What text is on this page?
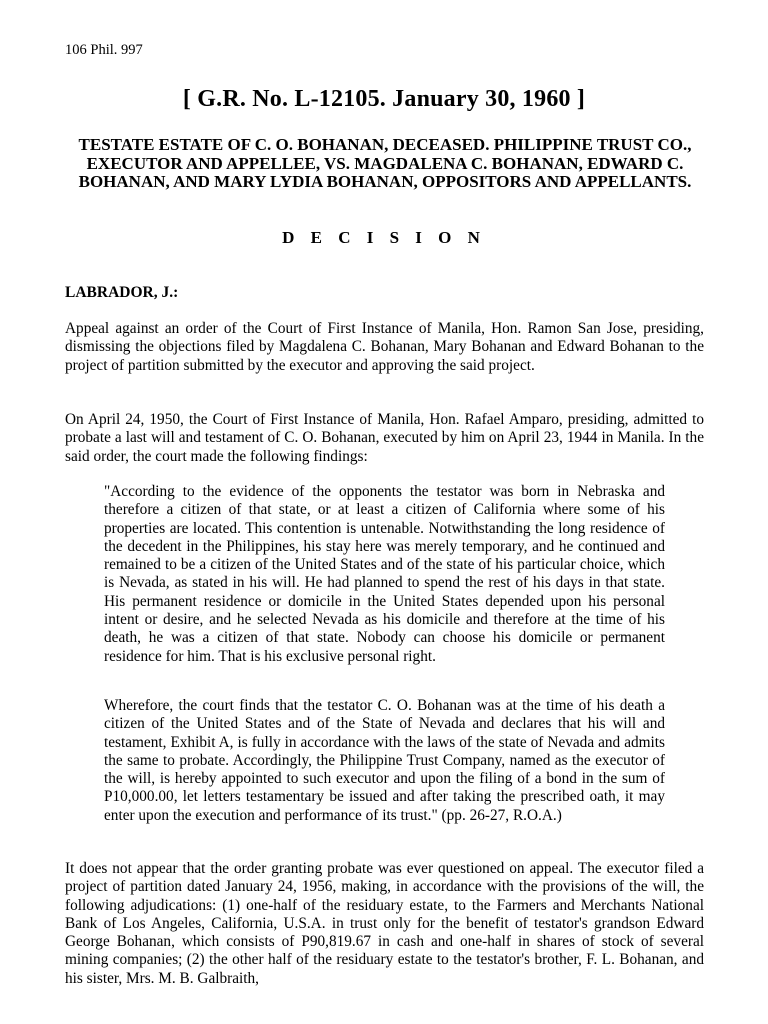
106 Phil. 997
[ G.R. No. L-12105. January 30, 1960 ]
TESTATE ESTATE OF C. O. BOHANAN, DECEASED. PHILIPPINE TRUST CO., EXECUTOR AND APPELLEE, VS. MAGDALENA C. BOHANAN, EDWARD C. BOHANAN, AND MARY LYDIA BOHANAN, OPPOSITORS AND APPELLANTS.
D E C I S I O N
LABRADOR, J.:

Appeal against an order of the Court of First Instance of Manila, Hon. Ramon San Jose, presiding, dismissing the objections filed by Magdalena C. Bohanan, Mary Bohanan and Edward Bohanan to the project of partition submitted by the executor and approving the said project.

On April 24, 1950, the Court of First Instance of Manila, Hon. Rafael Amparo, presiding, admitted to probate a last will and testament of C. O. Bohanan, executed by him on April 23, 1944 in Manila. In the said order, the court made the following findings:

"According to the evidence of the opponents the testator was born in Nebraska and therefore a citizen of that state, or at least a citizen of California where some of his properties are located. This contention is untenable. Notwithstanding the long residence of the decedent in the Philippines, his stay here was merely temporary, and he continued and remained to be a citizen of the United States and of the state of his particular choice, which is Nevada, as stated in his will. He had planned to spend the rest of his days in that state. His permanent residence or domicile in the United States depended upon his personal intent or desire, and he selected Nevada as his domicile and therefore at the time of his death, he was a citizen of that state. Nobody can choose his domicile or permanent residence for him. That is his exclusive personal right.

Wherefore, the court finds that the testator C. O. Bohanan was at the time of his death a citizen of the United States and of the State of Nevada and declares that his will and testament, Exhibit A, is fully in accordance with the laws of the state of Nevada and admits the same to probate. Accordingly, the Philippine Trust Company, named as the executor of the will, is hereby appointed to such executor and upon the filing of a bond in the sum of P10,000.00, let letters testamentary be issued and after taking the prescribed oath, it may enter upon the execution and performance of its trust." (pp. 26-27, R.O.A.)

It does not appear that the order granting probate was ever questioned on appeal. The executor filed a project of partition dated January 24, 1956, making, in accordance with the provisions of the will, the following adjudications: (1) one-half of the residuary estate, to the Farmers and Merchants National Bank of Los Angeles, California, U.S.A. in trust only for the benefit of testator's grandson Edward George Bohanan, which consists of P90,819.67 in cash and one-half in shares of stock of several mining companies; (2) the other half of the residuary estate to the testator's brother, F. L. Bohanan, and his sister, Mrs. M. B. Galbraith,
